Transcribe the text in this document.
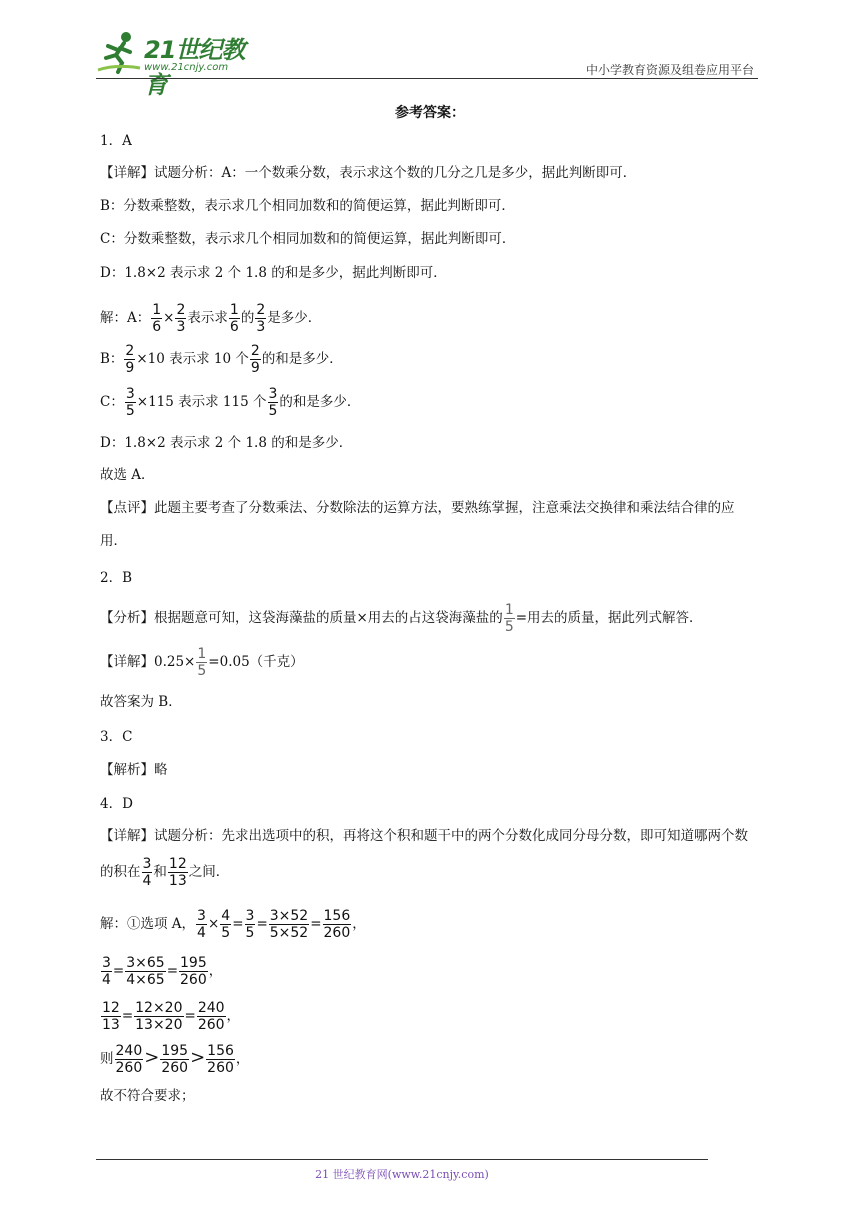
21世纪教育
www.21cnjy.com	中小学教育资源及组卷应用平台
参考答案：
1．A
【详解】试题分析：A：一个数乘分数，表示求这个数的几分之几是多少，据此判断即可．
B：分数乘整数，表示求几个相同加数和的简便运算，据此判断即可．
C：分数乘整数，表示求几个相同加数和的简便运算，据此判断即可．
D：1.8×2 表示求 2 个 1.8 的和是多少，据此判断即可．
解：A： $\frac{1}{6} \times \frac{2}{3}$ 表示求 $\frac{1}{6}$ 的 $\frac{2}{3}$ 是多少．
B： $\frac{2}{9} \times 10$ 表示求 10 个 $\frac{2}{9}$ 的和是多少．
C： $\frac{3}{5} \times 115$ 表示求 115 个 $\frac{3}{5}$ 的和是多少．
D：1.8×2 表示求 2 个 1.8 的和是多少．
故选 A．
【点评】此题主要考查了分数乘法、分数除法的运算方法，要熟练掌握，注意乘法交换律和乘法结合律的应用．
2．B
【分析】根据题意可知，这袋海藻盐的质量×用去的占这袋海藻盐的 $\frac{1}{5}$ =用去的质量，据此列式解答．
【详解】$0.25\times \frac{1}{5} =0.05$（千克）
故答案为 B．
3．C
【解析】略
4．D
【详解】试题分析：先求出选项中的积，再将这个积和题干中的两个分数化成同分母分数，即可知道哪两个数的积在 $\frac{3}{4}$ 和 $\frac{12}{13}$ 之间．
解：①选项 A， $\frac{3}{4} \times \frac{4}{5} = \frac{3}{5} = \frac{3\times 52}{5\times 52} = \frac{156}{260}$ ，
$\frac{3}{4} = \frac{3\times 65}{4\times 65} = \frac{195}{260}$ ，
$\frac{12}{13} = \frac{12\times 20}{13\times 20} = \frac{240}{260}$ ，
则 $\frac{240}{260} > \frac{195}{260} > \frac{156}{260}$ ，
故不符合要求；
21 世纪教育网(www.21cnjy.com)
